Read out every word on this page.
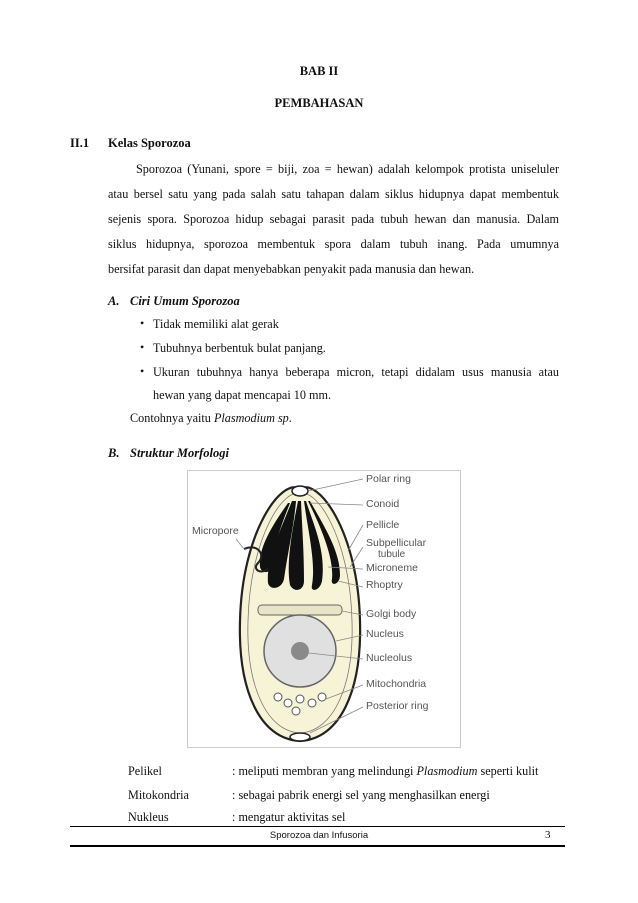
BAB II
PEMBAHASAN
II.1 Kelas Sporozoa
Sporozoa (Yunani, spore = biji, zoa = hewan) adalah kelompok protista uniseluler
atau bersel satu yang pada salah satu tahapan dalam siklus hidupnya dapat membentuk
sejenis spora. Sporozoa hidup sebagai parasit pada tubuh hewan dan manusia. Dalam
siklus hidupnya, sporozoa membentuk spora dalam tubuh inang. Pada umumnya
bersifat parasit dan dapat menyebabkan penyakit pada manusia dan hewan.
A. Ciri Umum Sporozoa
• Tidak memiliki alat gerak
• Tubuhnya berbentuk bulat panjang.
• Ukuran tubuhnya hanya beberapa micron, tetapi didalam usus manusia atau
hewan yang dapat mencapai 10 mm.
Contohnya yaitu Plasmodium sp.
B. Struktur Morfologi
Micropore
Polar ring
Conoid
Pellicle
Subpellicular
tubule
Microneme
Rhoptry
Golgi body
Nucleus
Nucleolus
Mitochondria
Posterior ring
Pelikel	: meliputi membran yang melindungi Plasmodium seperti kulit
Mitokondria	: sebagai pabrik energi sel yang menghasilkan energi
Nukleus	: mengatur aktivitas sel
Sporozoa dan Infusoria	3
